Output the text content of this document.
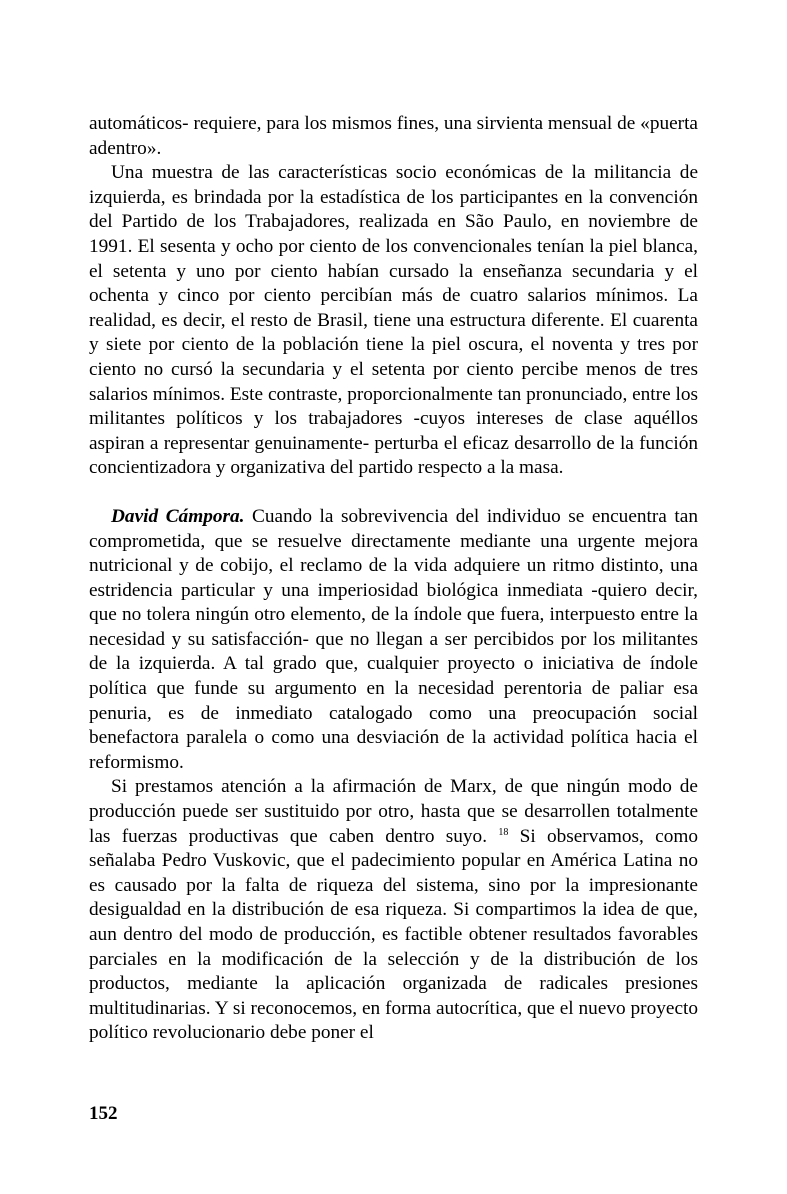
automáticos- requiere, para los mismos fines, una sirvienta mensual de «puerta adentro».

Una muestra de las características socio económicas de la militancia de izquierda, es brindada por la estadística de los participantes en la convención del Partido de los Trabajadores, realizada en São Paulo, en noviembre de 1991. El sesenta y ocho por ciento de los convencionales tenían la piel blanca, el setenta y uno por ciento habían cursado la enseñanza secundaria y el ochenta y cinco por ciento percibían más de cuatro salarios mínimos. La realidad, es decir, el resto de Brasil, tiene una estructura diferente. El cuarenta y siete por ciento de la población tiene la piel oscura, el noventa y tres por ciento no cursó la secundaria y el setenta por ciento percibe menos de tres salarios mínimos. Este contraste, proporcionalmente tan pronunciado, entre los militantes políticos y los trabajadores -cuyos intereses de clase aquéllos aspiran a representar genuinamente- perturba el eficaz desarrollo de la función concientizadora y organizativa del partido respecto a la masa.

David Cámpora. Cuando la sobrevivencia del individuo se encuentra tan comprometida, que se resuelve directamente mediante una urgente mejora nutricional y de cobijo, el reclamo de la vida adquiere un ritmo distinto, una estridencia particular y una imperiosidad biológica inmediata -quiero decir, que no tolera ningún otro elemento, de la índole que fuera, interpuesto entre la necesidad y su satisfacción- que no llegan a ser percibidos por los militantes de la izquierda. A tal grado que, cualquier proyecto o iniciativa de índole política que funde su argumento en la necesidad perentoria de paliar esa penuria, es de inmediato catalogado como una preocupación social benefactora paralela o como una desviación de la actividad política hacia el reformismo.

Si prestamos atención a la afirmación de Marx, de que ningún modo de producción puede ser sustituido por otro, hasta que se desarrollen totalmente las fuerzas productivas que caben dentro suyo. $^{18}$ Si observamos, como señalaba Pedro Vuskovic, que el padecimiento popular en América Latina no es causado por la falta de riqueza del sistema, sino por la impresionante desigualdad en la distribución de esa riqueza. Si compartimos la idea de que, aun dentro del modo de producción, es factible obtener resultados favorables parciales en la modificación de la selección y de la distribución de los productos, mediante la aplicación organizada de radicales presiones multitudinarias. Y si reconocemos, en forma autocrítica, que el nuevo proyecto político revolucionario debe poner el

152
